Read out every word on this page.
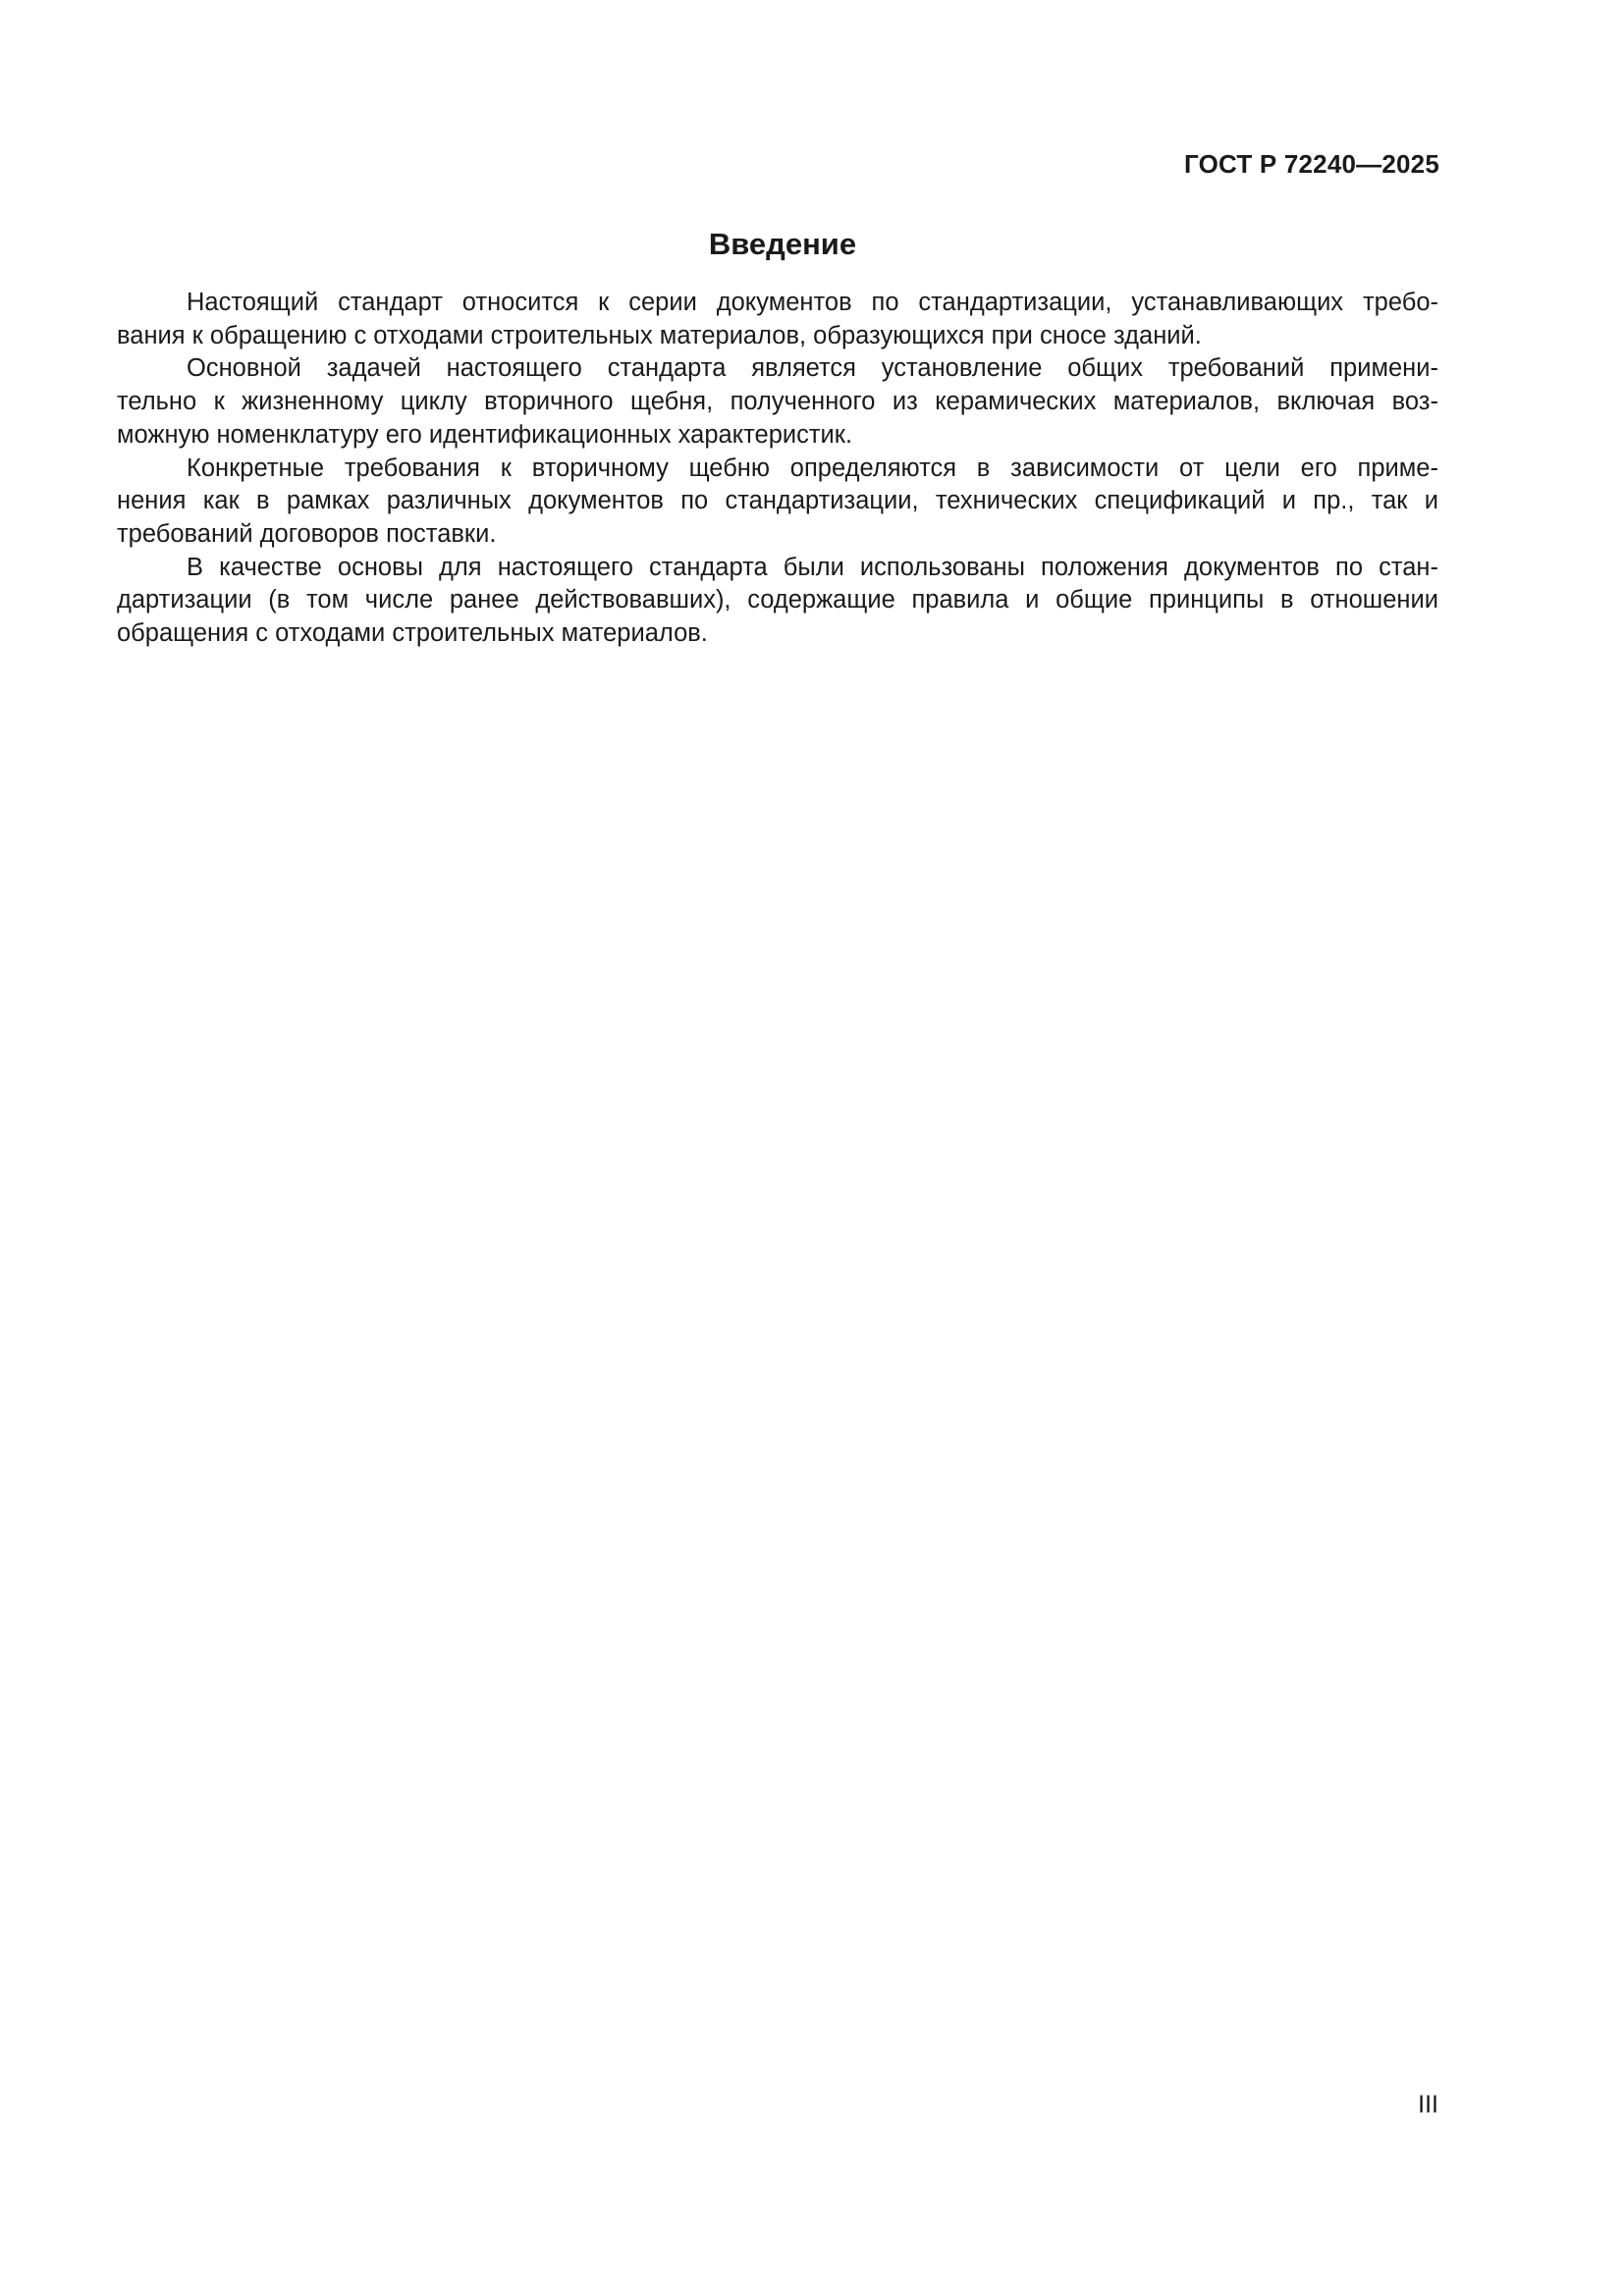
ГОСТ Р 72240—2025
Введение

Настоящий стандарт относится к серии документов по стандартизации, устанавливающих требо-
вания к обращению с отходами строительных материалов, образующихся при сносе зданий.

Основной задачей настоящего стандарта является установление общих требований примени-
тельно к жизненному циклу вторичного щебня, полученного из керамических материалов, включая воз-
можную номенклатуру его идентификационных характеристик.

Конкретные требования к вторичному щебню определяются в зависимости от цели его приме-
нения как в рамках различных документов по стандартизации, технических спецификаций и пр., так и
требований договоров поставки.

В качестве основы для настоящего стандарта были использованы положения документов по стан-
дартизации (в том числе ранее действовавших), содержащие правила и общие принципы в отношении
обращения с отходами строительных материалов.

III
